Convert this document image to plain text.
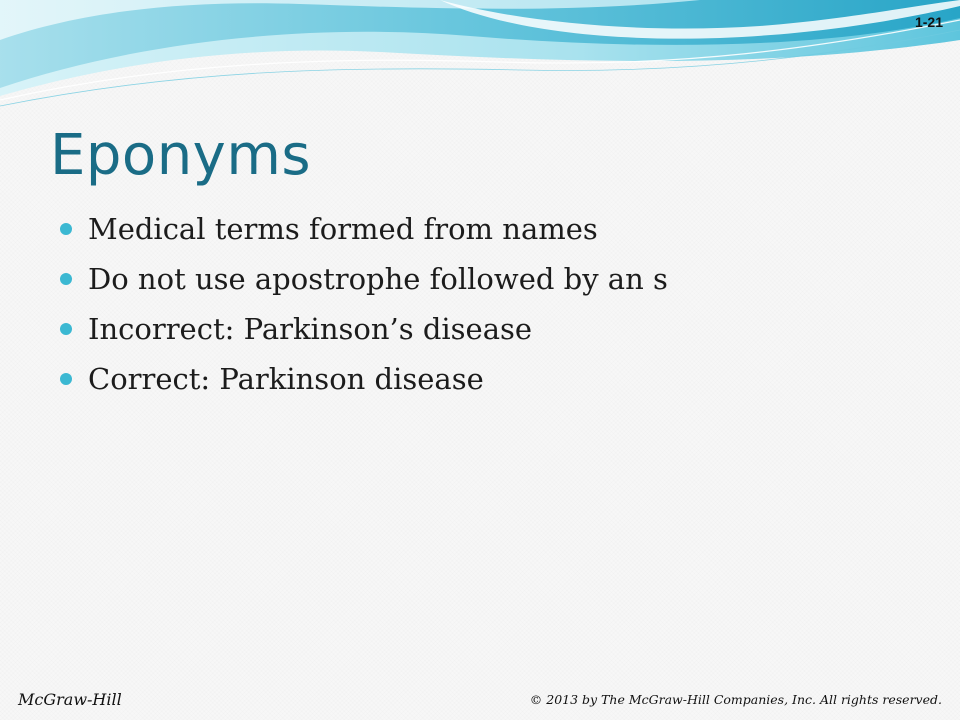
1-21
Eponyms
Medical terms formed from names
Do not use apostrophe followed by an s
Incorrect: Parkinson’s disease
Correct: Parkinson disease
McGraw-Hill	© 2013 by The McGraw-Hill Companies, Inc. All rights reserved.
